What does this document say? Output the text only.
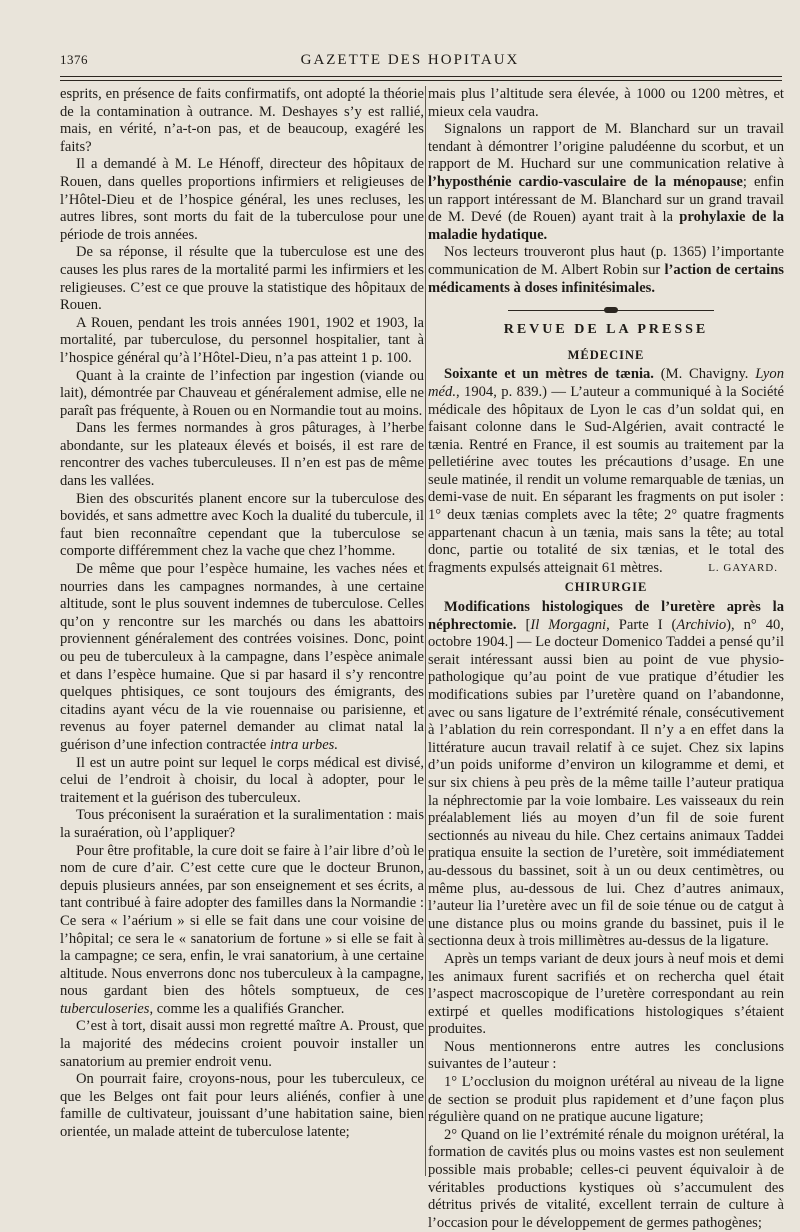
1376	GAZETTE DES HOPITAUX

esprits, en présence de faits confirmatifs, ont adopté la théorie de la contamination à outrance. M. Deshayes s’y est rallié, mais, en vérité, n’a-t-on pas, et de beaucoup, exagéré les faits?

Il a demandé à M. Le Hénoff, directeur des hôpitaux de Rouen, dans quelles proportions infirmiers et religieuses de l’Hôtel-Dieu et de l’hospice général, les unes recluses, les autres libres, sont morts du fait de la tuberculose pour une période de trois années.

De sa réponse, il résulte que la tuberculose est une des causes les plus rares de la mortalité parmi les infirmiers et les religieuses. C’est ce que prouve la statistique des hôpitaux de Rouen.

A Rouen, pendant les trois années 1901, 1902 et 1903, la mortalité, par tuberculose, du personnel hospitalier, tant à l’hospice général qu’à l’Hôtel-Dieu, n’a pas atteint 1 p. 100.

Quant à la crainte de l’infection par ingestion (viande ou lait), démontrée par Chauveau et généralement admise, elle ne paraît pas fréquente, à Rouen ou en Normandie tout au moins.

Dans les fermes normandes à gros pâturages, à l’herbe abondante, sur les plateaux élevés et boisés, il est rare de rencontrer des vaches tuberculeuses. Il n’en est pas de même dans les vallées.

Bien des obscurités planent encore sur la tuberculose des bovidés, et sans admettre avec Koch la dualité du tubercule, il faut bien reconnaître cependant que la tuberculose se comporte différemment chez la vache que chez l’homme.

De même que pour l’espèce humaine, les vaches nées et nourries dans les campagnes normandes, à une certaine altitude, sont le plus souvent indemnes de tuberculose. Celles qu’on y rencontre sur les marchés ou dans les abattoirs proviennent généralement des contrées voisines. Donc, point ou peu de tuberculeux à la campagne, dans l’espèce animale et dans l’espèce humaine. Que si par hasard il s’y rencontre quelques phtisiques, ce sont toujours des émigrants, des citadins ayant vécu de la vie rouennaise ou parisienne, et revenus au foyer paternel demander au climat natal la guérison d’une infection contractée intra urbes.

Il est un autre point sur lequel le corps médical est divisé, celui de l’endroit à choisir, du local à adopter, pour le traitement et la guérison des tuberculeux.

Tous préconisent la suraération et la suralimentation : mais la suraération, où l’appliquer?

Pour être profitable, la cure doit se faire à l’air libre d’où le nom de cure d’air. C’est cette cure que le docteur Brunon, depuis plusieurs années, par son enseignement et ses écrits, a tant contribué à faire adopter des familles dans la Normandie : Ce sera « l’aérium » si elle se fait dans une cour voisine de l’hôpital; ce sera le « sanatorium de fortune » si elle se fait à la campagne; ce sera, enfin, le vrai sanatorium, à une certaine altitude. Nous enverrons donc nos tuberculeux à la campagne, nous gardant bien des hôtels somptueux, de ces tuberculoseries, comme les a qualifiés Grancher.

C’est à tort, disait aussi mon regretté maître A. Proust, que la majorité des médecins croient pouvoir installer un sanatorium au premier endroit venu.

On pourrait faire, croyons-nous, pour les tuberculeux, ce que les Belges ont fait pour leurs aliénés, confier à une famille de cultivateur, jouissant d’une habitation saine, bien orientée, un malade atteint de tuberculose latente;

mais plus l’altitude sera élevée, à 1000 ou 1200 mètres, et mieux cela vaudra.

Signalons un rapport de M. Blanchard sur un travail tendant à démontrer l’origine paludéenne du scorbut, et un rapport de M. Huchard sur une communication relative à l’hyposthénie cardio-vasculaire de la ménopause; enfin un rapport intéressant de M. Blanchard sur un grand travail de M. Devé (de Rouen) ayant trait à la prohylaxie de la maladie hydatique.

Nos lecteurs trouveront plus haut (p. 1365) l’importante communication de M. Albert Robin sur l’action de certains médicaments à doses infinitésimales.

REVUE DE LA PRESSE
MÉDECINE

Soixante et un mètres de tænia. (M. Chavigny. Lyon méd., 1904, p. 839.) — L’auteur a communiqué à la Société médicale des hôpitaux de Lyon le cas d’un soldat qui, en faisant colonne dans le Sud-Algérien, avait contracté le tænia. Rentré en France, il est soumis au traitement par la pelletiérine avec toutes les précautions d’usage. En une seule matinée, il rendit un volume remarquable de tænias, un demi-vase de nuit. En séparant les fragments on put isoler : 1° deux tænias complets avec la tête; 2° quatre fragments appartenant chacun à un tænia, mais sans la tête; au total donc, partie ou totalité de six tænias, et le total des fragments expulsés atteignait 61 mètres.	L. GAYARD.

CHIRURGIE

Modifications histologiques de l’uretère après la néphrectomie. [Il Morgagni, Parte I (Archivio), n° 40, octobre 1904.] — Le docteur Domenico Taddei a pensé qu’il serait intéressant aussi bien au point de vue physio-pathologique qu’au point de vue pratique d’étudier les modifications subies par l’uretère quand on l’abandonne, avec ou sans ligature de l’extrémité rénale, consécutivement à l’ablation du rein correspondant. Il n’y a en effet dans la littérature aucun travail relatif à ce sujet. Chez six lapins d’un poids uniforme d’environ un kilogramme et demi, et sur six chiens à peu près de la même taille l’auteur pratiqua la néphrectomie par la voie lombaire. Les vaisseaux du rein préalablement liés au moyen d’un fil de soie furent sectionnés au niveau du hile. Chez certains animaux Taddei pratiqua ensuite la section de l’uretère, soit immédiatement au-dessous du bassinet, soit à un ou deux centimètres, ou même plus, au-dessous de lui. Chez d’autres animaux, l’auteur lia l’uretère avec un fil de soie ténue ou de catgut à une distance plus ou moins grande du bassinet, puis il le sectionna deux à trois millimètres au-dessus de la ligature.

Après un temps variant de deux jours à neuf mois et demi les animaux furent sacrifiés et on rechercha quel était l’aspect macroscopique de l’uretère correspondant au rein extirpé et quelles modifications histologiques s’étaient produites.

Nous mentionnerons entre autres les conclusions suivantes de l’auteur :

1° L’occlusion du moignon urétéral au niveau de la ligne de section se produit plus rapidement et d’une façon plus régulière quand on ne pratique aucune ligature;

2° Quand on lie l’extrémité rénale du moignon urétéral, la formation de cavités plus ou moins vastes est non seulement possible mais probable; celles-ci peuvent équivaloir à de véritables productions kystiques où s’accumulent des détritus privés de vitalité, excellent terrain de culture à l’occasion pour le développement de germes pathogènes;
